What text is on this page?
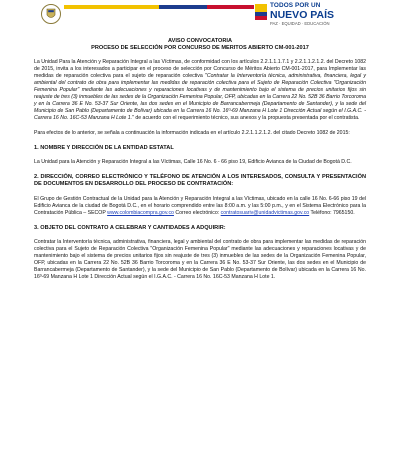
TODOS POR UN
NUEVO PAÍS
PAZ · EQUIDAD · EDUCACIÓN
AVISO CONVOCATORIA
PROCESO DE SELECCIÓN POR CONCURSO DE MERITOS ABIERTO CM-001-2017

La Unidad Para la Atención y Reparación Integral a las Víctimas, de conformidad con los artículos 2.2.1.1.1.7.1 y 2.2.1.1.2.1.2. del Decreto 1082 de 2015, invita a los interesados a participar en el proceso de selección por Concurso de Méritos Abierto CM-001-2017, para Implementar las medidas de reparación colectiva para el sujeto de reparación colectiva "Contratar la Interventoría técnica, administrativa, financiera, legal y ambiental del contrato de obra para implementar las medidas de reparación colectiva para el Sujeto de Reparación Colectiva "Organización Femenina Popular" mediante las adecuaciones y reparaciones locativas y de mantenimiento bajo el sistema de precios unitarios fijos sin reajuste de tres (3) inmuebles de las sedes de la Organización Femenina Popular, OFP, ubicadas en la Carrera 22 No. 52B 36 Barrio Torcoroma y en la Carrera 36 E No. 53-37 Sur Oriente, las dos sedes en el Municipio de Barrancabermeja (Departamento de Santander), y la sede del Municipio de San Pablo (Departamento de Bolívar) ubicada en la Carrera 16 No. 16º-69 Manzana H Lote 1 Dirección Actual según el I.G.A.C. - Carrera 16 No. 16C-53 Manzana H Lote 1." de acuerdo con el requerimiento técnico, sus anexos y la propuesta presentada por el contratista.

Para efectos de lo anterior, se señala a continuación la información indicada en el artículo 2.2.1.1.2.1.2. del citado Decreto 1082 de 2015:

1. NOMBRE Y DIRECCIÓN DE LA ENTIDAD ESTATAL

La Unidad para la Atención y Reparación Integral a las Víctimas, Calle 16 No. 6 - 66 piso 19, Edificio Avianca de la Ciudad de Bogotá D.C.

2. DIRECCIÓN, CORREO ELECTRÓNICO Y TELÉFONO DE ATENCIÓN A LOS INTERESADOS, CONSULTA Y PRESENTACIÓN DE DOCUMENTOS EN DESARROLLO DEL PROCESO DE CONTRATACIÓN:

El Grupo de Gestión Contractual de la Unidad para la Atención y Reparación Integral a las Víctimas, ubicado en la calle 16 No. 6-66 piso 19 del Edificio Avianca de la ciudad de Bogotá D.C., en el horario comprendido entre las 8:00 a.m. y las 5:00 p.m., y en el Sistema Electrónico para la Contratación Pública – SECOP www.colombiacompra.gov.co Correo electrónico: contratosuariv@unidadvictimas.gov.co Teléfono: 7965150.

3. OBJETO DEL CONTRATO A CELEBRAR Y CANTIDADES A ADQUIRIR:

Contratar la Interventoría técnica, administrativa, financiera, legal y ambiental del contrato de obra para implementar las medidas de reparación colectiva para el Sujeto de Reparación Colectiva "Organización Femenina Popular" mediante las adecuaciones y reparaciones locativas y de mantenimiento bajo el sistema de precios unitarios fijos sin reajuste de tres (3) inmuebles de las sedes de la Organización Femenina Popular, OFP, ubicadas en la Carrera 22 No. 52B 36 Barrio Torcoroma y en la Carrera 36 E No. 53-37 Sur Oriente, las dos sedes en el Municipio de Barrancabermeja (Departamento de Santander), y la sede del Municipio de San Pablo (Departamento de Bolívar) ubicada en la Carrera 16 No. 16º-69 Manzana H Lote 1 Dirección Actual según el I.G.A.C. - Carrera 16 No. 16C-53 Manzana H Lote 1.
